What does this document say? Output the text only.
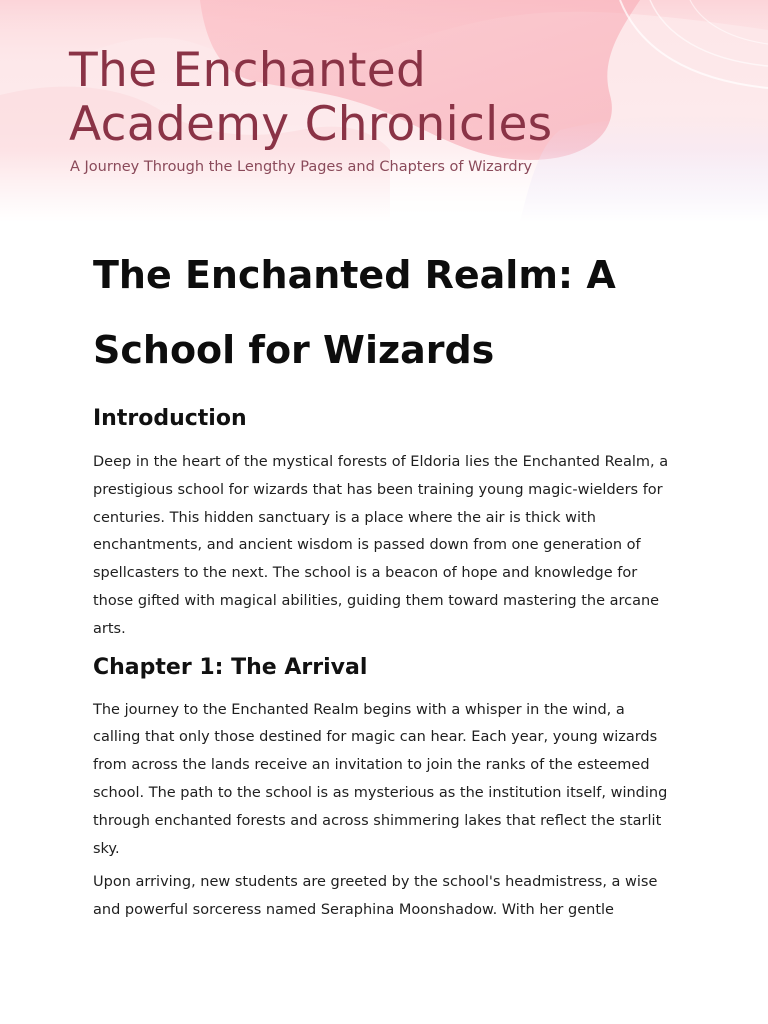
The Enchanted
Academy Chronicles

A Journey Through the Lengthy Pages and Chapters of Wizardry

The Enchanted Realm: A
School for Wizards
Introduction

Deep in the heart of the mystical forests of Eldoria lies the Enchanted Realm, a prestigious school for wizards that has been training young magic-wielders for centuries. This hidden sanctuary is a place where the air is thick with enchantments, and ancient wisdom is passed down from one generation of spellcasters to the next. The school is a beacon of hope and knowledge for those gifted with magical abilities, guiding them toward mastering the arcane arts.

Chapter 1: The Arrival

The journey to the Enchanted Realm begins with a whisper in the wind, a calling that only those destined for magic can hear. Each year, young wizards from across the lands receive an invitation to join the ranks of the esteemed school. The path to the school is as mysterious as the institution itself, winding through enchanted forests and across shimmering lakes that reflect the starlit sky.

Upon arriving, new students are greeted by the school's headmistress, a wise and powerful sorceress named Seraphina Moonshadow. With her gentle
